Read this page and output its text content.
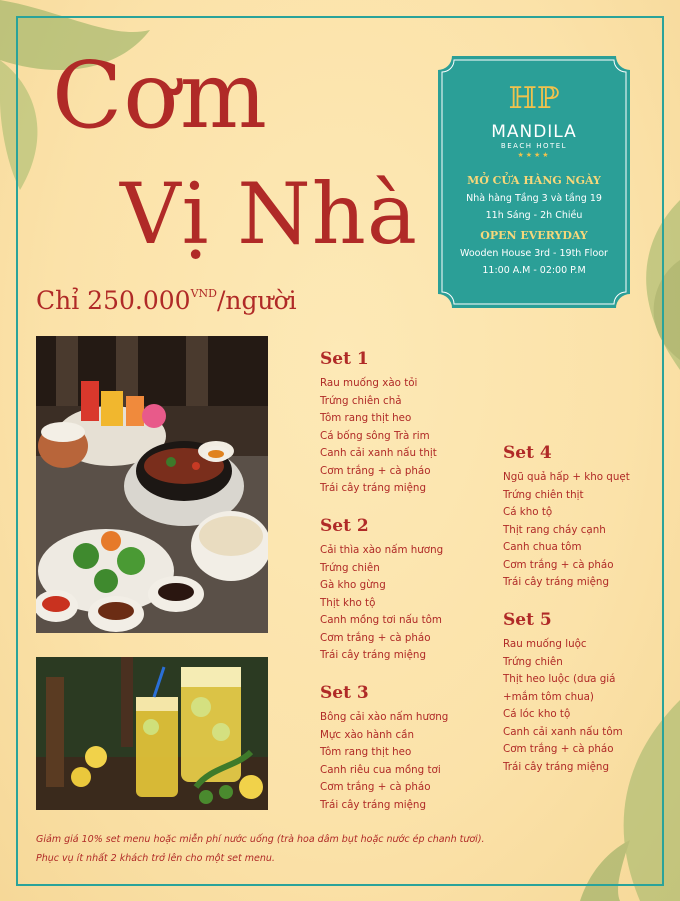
Cơm
Vị Nhà
Chỉ $250.000^{VND}$/người
ℍℙ
MANDILA
BEACH HOTEL
★★★★
MỞ CỬA HÀNG NGÀY
Nhà hàng Tầng 3 và tầng 19
11h Sáng - 2h Chiều
OPEN EVERYDAY
Wooden House 3rd - 19th Floor
11:00 A.M - 02:00 P.M
Set 1
Rau muống xào tỏi
Trứng chiên chả
Tôm rang thịt heo
Cá bống sông Trà rim
Canh cải xanh nấu thịt
Cơm trắng + cà pháo
Trái cây tráng miệng
Set 2
Cải thìa xào nấm hương
Trứng chiên
Gà kho gừng
Thịt kho tộ
Canh mồng tơi nấu tôm
Cơm trắng + cà pháo
Trái cây tráng miệng
Set 3
Bông cải xào nấm hương
Mực xào hành cần
Tôm rang thịt heo
Canh riêu cua mồng tơi
Cơm trắng + cà pháo
Trái cây tráng miệng
Set 4
Ngũ quả hấp + kho quẹt
Trứng chiên thịt
Cá kho tộ
Thịt rang cháy cạnh
Canh chua tôm
Cơm trắng + cà pháo
Trái cây tráng miệng
Set 5
Rau muống luộc
Trứng chiên
Thịt heo luộc (dưa giá
+mắm tôm chua)
Cá lóc kho tộ
Canh cải xanh nấu tôm
Cơm trắng + cà pháo
Trái cây tráng miệng
Giảm giá 10% set menu hoặc miễn phí nước uống (trà hoa dâm bụt hoặc nước ép chanh tươi).
Phục vụ ít nhất 2 khách trở lên cho một set menu.
